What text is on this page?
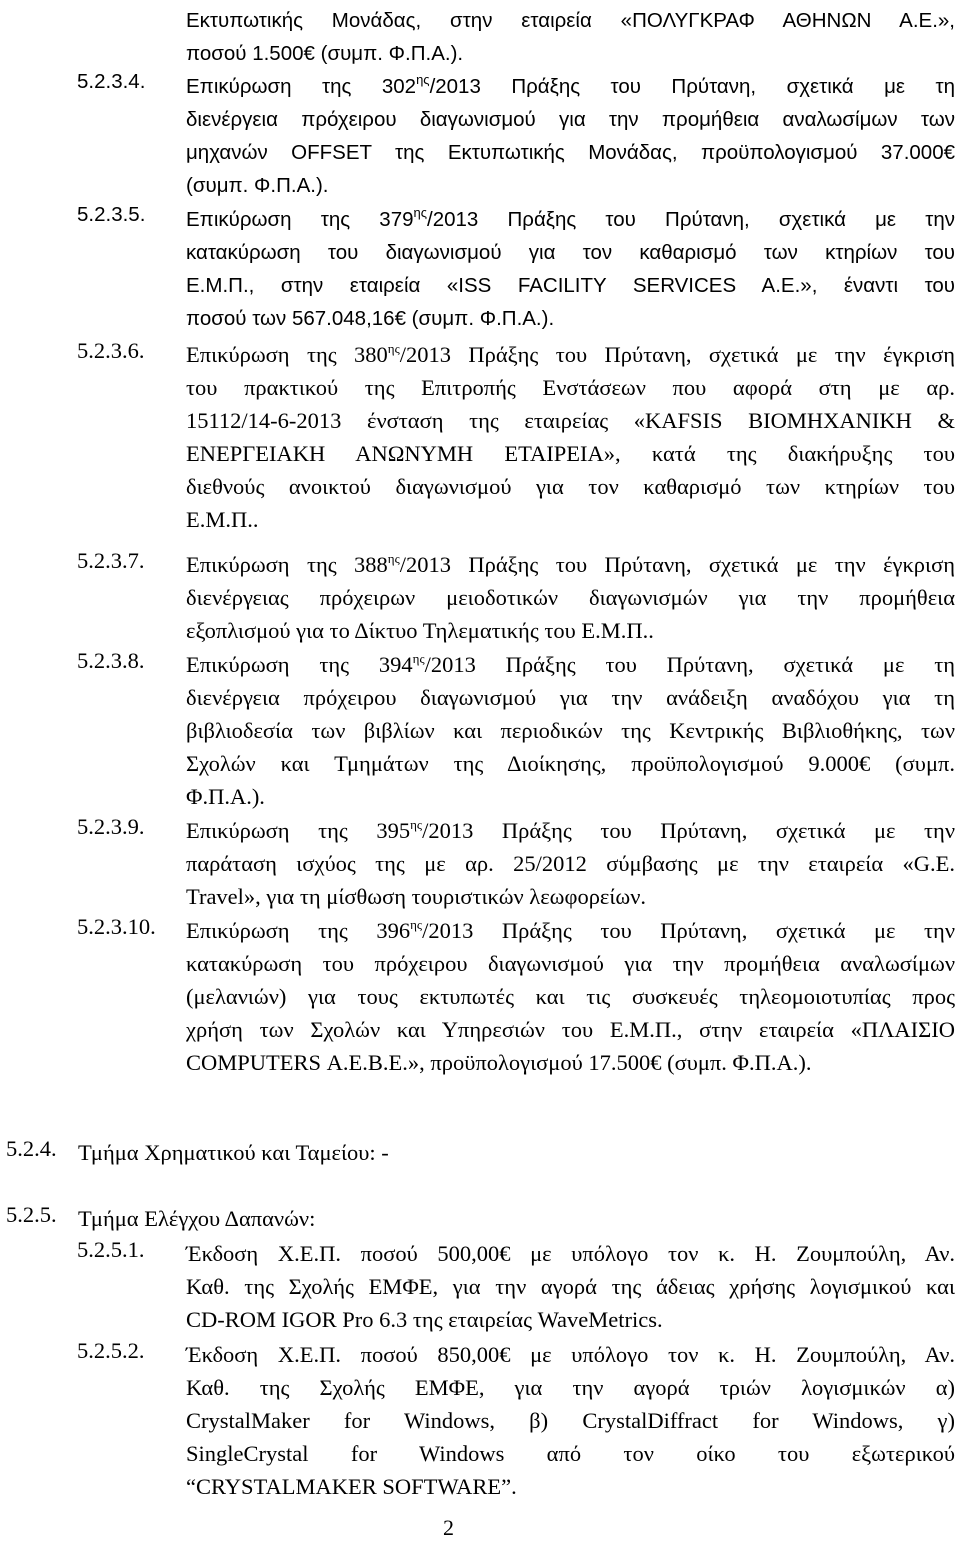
Εκτυπωτικής Μονάδας, στην εταιρεία «ΠΟΛΥΓΚΡΑΦ ΑΘΗΝΩΝ Α.Ε.»,
ποσού 1.500€ (συμπ. Φ.Π.Α.).
5.2.3.4. Επικύρωση της $302^{\eta\varsigma}/2013$ Πράξης του Πρύτανη, σχετικά με τη
διενέργεια πρόχειρου διαγωνισμού για την προμήθεια αναλωσίμων των
μηχανών OFFSET της Εκτυπωτικής Μονάδας, προϋπολογισμού 37.000€
(συμπ. Φ.Π.Α.).
5.2.3.5. Επικύρωση της $379^{\eta\varsigma}/2013$ Πράξης του Πρύτανη, σχετικά με την
κατακύρωση του διαγωνισμού για τον καθαρισμό των κτηρίων του
Ε.Μ.Π., στην εταιρεία «ISS FACILITY SERVICES A.E.», έναντι του
ποσού των 567.048,16€ (συμπ. Φ.Π.Α.).
5.2.3.6. Επικύρωση της $380^{\eta\varsigma}/2013$ Πράξης του Πρύτανη, σχετικά με την έγκριση
του πρακτικού της Επιτροπής Ενστάσεων που αφορά στη με αρ.
15112/14-6-2013 ένσταση της εταιρείας «KAFSIS ΒΙΟΜΗΧΑΝΙΚΗ &
ΕΝΕΡΓΕΙΑΚΗ ΑΝΩΝΥΜΗ ΕΤΑΙΡΕΙΑ», κατά της διακήρυξης του
διεθνούς ανοικτού διαγωνισμού για τον καθαρισμό των κτηρίων του
Ε.Μ.Π..
5.2.3.7. Επικύρωση της $388^{\eta\varsigma}/2013$ Πράξης του Πρύτανη, σχετικά με την έγκριση
διενέργειας πρόχειρων μειοδοτικών διαγωνισμών για την προμήθεια
εξοπλισμού για το Δίκτυο Τηλεματικής του Ε.Μ.Π..
5.2.3.8. Επικύρωση της $394^{\eta\varsigma}/2013$ Πράξης του Πρύτανη, σχετικά με τη
διενέργεια πρόχειρου διαγωνισμού για την ανάδειξη αναδόχου για τη
βιβλιοδεσία των βιβλίων και περιοδικών της Κεντρικής Βιβλιοθήκης, των
Σχολών και Τμημάτων της Διοίκησης, προϋπολογισμού 9.000€ (συμπ.
Φ.Π.Α.).
5.2.3.9. Επικύρωση της $395^{\eta\varsigma}/2013$ Πράξης του Πρύτανη, σχετικά με την
παράταση ισχύος της με αρ. 25/2012 σύμβασης με την εταιρεία «G.E.
Travel», για τη μίσθωση τουριστικών λεωφορείων.
5.2.3.10. Επικύρωση της $396^{\eta\varsigma}/2013$ Πράξης του Πρύτανη, σχετικά με την
κατακύρωση του πρόχειρου διαγωνισμού για την προμήθεια αναλωσίμων
(μελανιών) για τους εκτυπωτές και τις συσκευές τηλεομοιοτυπίας προς
χρήση των Σχολών και Υπηρεσιών του Ε.Μ.Π., στην εταιρεία «ΠΛΑΙΣΙΟ
COMPUTERS Α.Ε.Β.Ε.», προϋπολογισμού 17.500€ (συμπ. Φ.Π.Α.).
5.2.4. Τμήμα Χρηματικού και Ταμείου: -
5.2.5. Τμήμα Ελέγχου Δαπανών:
5.2.5.1. Έκδοση Χ.Ε.Π. ποσού 500,00€ με υπόλογο τον κ. Η. Ζουμπούλη, Αν.
Καθ. της Σχολής ΕΜΦΕ, για την αγορά της άδειας χρήσης λογισμικού και
CD-ROM IGOR Pro 6.3 της εταιρείας WaveMetrics.
5.2.5.2. Έκδοση Χ.Ε.Π. ποσού 850,00€ με υπόλογο τον κ. Η. Ζουμπούλη, Αν.
Καθ. της Σχολής ΕΜΦΕ, για την αγορά τριών λογισμικών α)
CrystalMaker for Windows, β) CrystalDiffract for Windows, γ)
SingleCrystal for Windows από τον οίκο του εξωτερικού
“CRYSTALMAKER SOFTWARE”.
2
